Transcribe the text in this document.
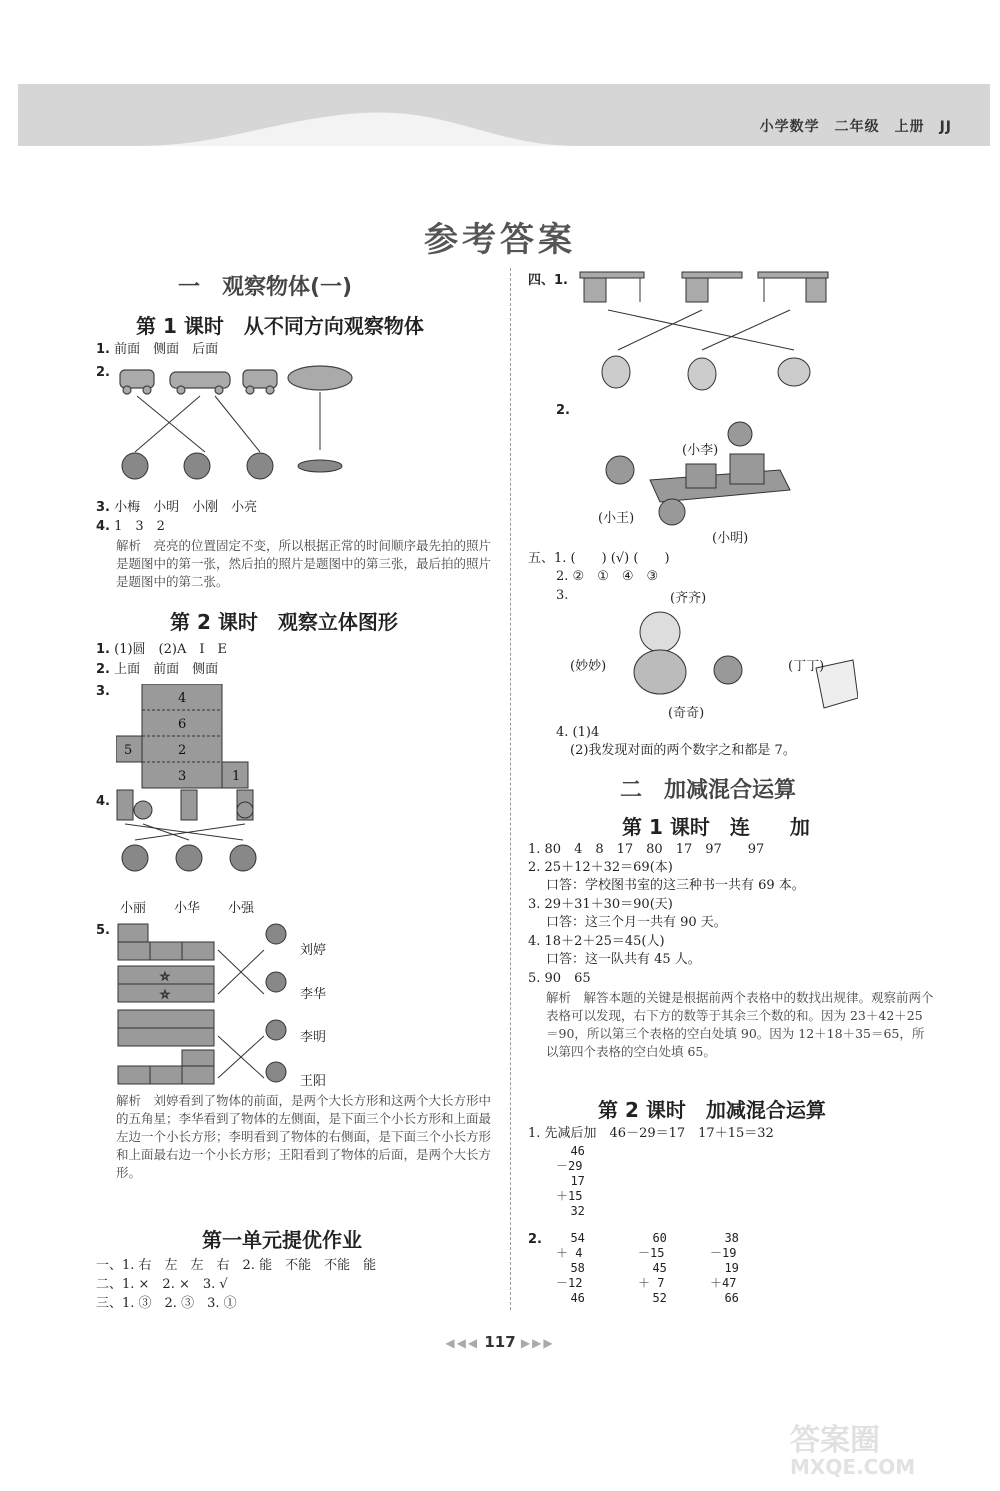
小学数学　二年级　上册　JJ
参考答案
一　观察物体(一)
第 1 课时　从不同方向观察物体
1. 前面　侧面　后面
2.
3. 小梅　小明　小刚　小亮
4. 1　3　2
解析　亮亮的位置固定不变，所以根据正常的时间顺序最先拍的照片是题图中的第一张，然后拍的照片是题图中的第三张，最后拍的照片是题图中的第二张。
第 2 课时　观察立体图形
1. (1)圆　(2)A　I　E
2. 上面　前面　侧面
3.	4
6
2
3
5
1
4.
小丽 小华 小强
5.
☆
☆
刘婷
李华
李明
王阳
解析　刘婷看到了物体的前面，是两个大长方形和这两个大长方形中的五角星；李华看到了物体的左侧面，是下面三个小长方形和上面最左边一个小长方形；李明看到了物体的右侧面，是下面三个小长方形和上面最右边一个小长方形；王阳看到了物体的后面，是两个大长方形。
第一单元提优作业
一、1. 右　左　左　右　2. 能　不能　不能　能
二、1. ×　2. ×　3. √
三、1. ③　2. ③　3. ①
四、1.
2.
(小李)
(小王)
(小明)
五、1. (　　) (√) (　　)
2. ②　①　④　③
3.	(齐齐)
(妙妙)	(丁丁)
(奇奇)
4. (1)4
(2)我发现对面的两个数字之和都是 7。
二　加减混合运算
第 1 课时　连　　加
1. 80　4　8　17　80　17　97　　97
2. 25＋12＋32＝69(本)
口答：学校图书室的这三种书一共有 69 本。
3. 29＋31＋30＝90(天)
口答：这三个月一共有 90 天。
4. 18＋2＋25＝45(人)
口答：这一队共有 45 人。
5. 90　65
解析　解答本题的关键是根据前两个表格中的数找出规律。观察前两个表格可以发现，右下方的数等于其余三个数的和。因为 23＋42＋25＝90，所以第三个表格的空白处填 90。因为 12＋18＋35＝65，所以第四个表格的空白处填 65。
第 2 课时　加减混合运算
1. 先减后加　46－29＝17　17＋15＝32
46
－29
17
＋15
32
2.	54
＋ 4
58
－12
46
60
－15
45
＋ 7
52
38
－19
19
＋47
66
◀◀◀ 117 ▶▶▶
答案圈
MXQE.COM
